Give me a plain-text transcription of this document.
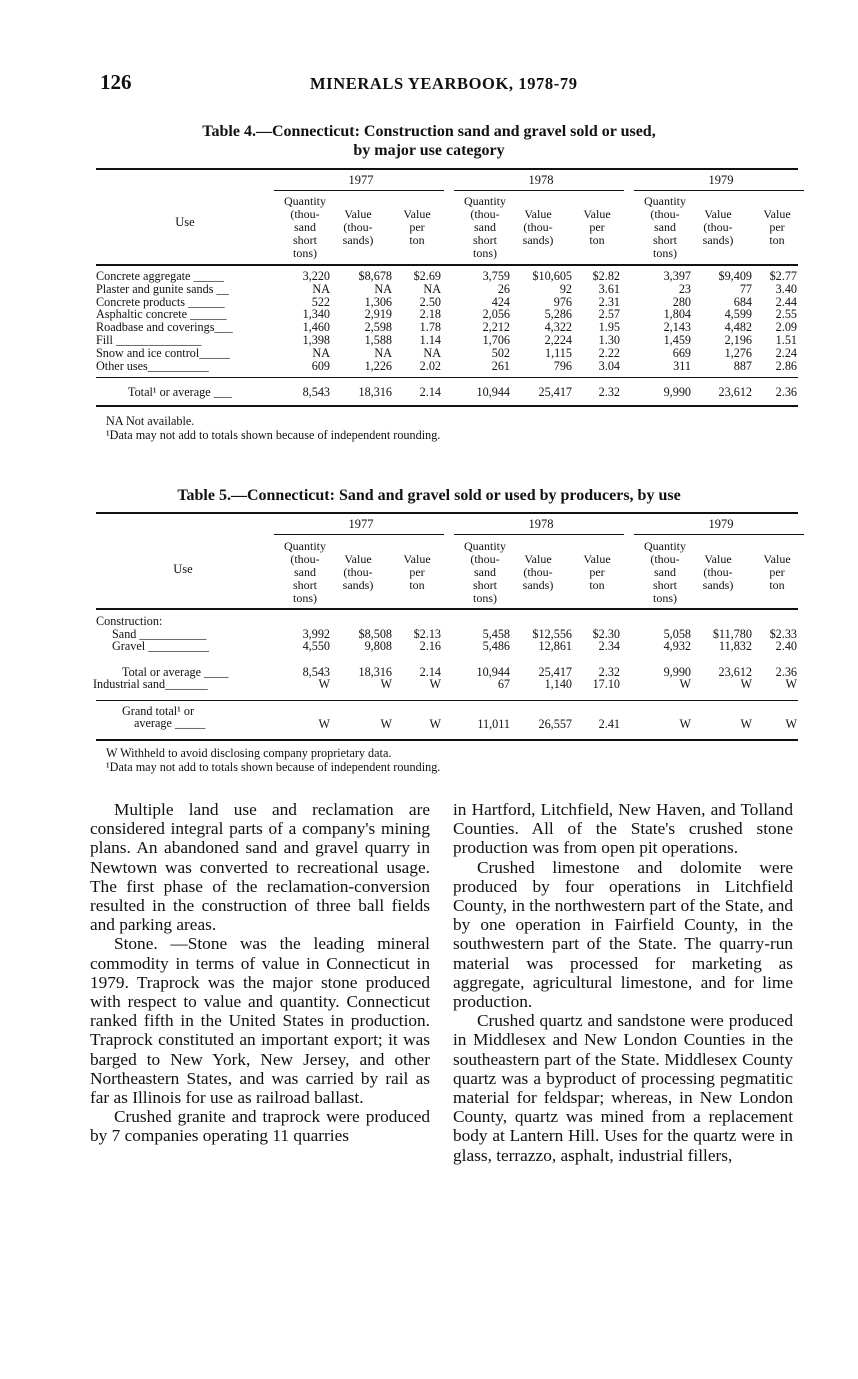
126	MINERALS YEARBOOK, 1978-79
Table 4.—Connecticut: Construction sand and gravel sold or used,
by major use category
1977	1978	1979
Use
Quantity
(thou-
sand
short
tons)
Value
(thou-
sands)
Value
per
ton
Quantity
(thou-
sand
short
tons)
Value
(thou-
sands)
Value
per
ton
Quantity
(thou-
sand
short
tons)
Value
(thou-
sands)
Value
per
ton
Concrete aggregate _____	3,220	$8,678	$2.69	3,759	$10,605	$2.82	3,397	$9,409	$2.77
Plaster and gunite sands __	NA	NA	NA	26	92	3.61	23	77	3.40
Concrete products ______	522	1,306	2.50	424	976	2.31	280	684	2.44
Asphaltic concrete ______	1,340	2,919	2.18	2,056	5,286	2.57	1,804	4,599	2.55
Roadbase and coverings___	1,460	2,598	1.78	2,212	4,322	1.95	2,143	4,482	2.09
Fill ______________	1,398	1,588	1.14	1,706	2,224	1.30	1,459	2,196	1.51
Snow and ice control_____	NA	NA	NA	502	1,115	2.22	669	1,276	2.24
Other uses__________	609	1,226	2.02	261	796	3.04	311	887	2.86
Total¹ or average ___	8,543	18,316	2.14	10,944	25,417	2.32	9,990	23,612	2.36
NA Not available.
¹Data may not add to totals shown because of independent rounding.
Table 5.—Connecticut: Sand and gravel sold or used by producers, by use
1977	1978	1979
Use
Quantity
(thou-
sand
short
tons)
Value
(thou-
sands)
Value
per
ton
Quantity
(thou-
sand
short
tons)
Value
(thou-
sands)
Value
per
ton
Quantity
(thou-
sand
short
tons)
Value
(thou-
sands)
Value
per
ton
Construction:
Sand ___________	3,992	$8,508	$2.13	5,458	$12,556	$2.30	5,058	$11,780	$2.33
Gravel __________	4,550	9,808	2.16	5,486	12,861	2.34	4,932	11,832	2.40
Total or average ____	8,543	18,316	2.14	10,944	25,417	2.32	9,990	23,612	2.36
Industrial sand_______	W	W	W	67	1,140	17.10	W	W	W
Grand total¹ or
average _____	W	W	W	11,011	26,557	2.41	W	W	W
W Withheld to avoid disclosing company proprietary data.
¹Data may not add to totals shown because of independent rounding.

Multiple land use and reclamation are considered integral parts of a company's mining plans. An abandoned sand and gravel quarry in Newtown was converted to recreational usage. The first phase of the reclamation-conversion resulted in the construction of three ball fields and parking areas.

Stone. —Stone was the leading mineral commodity in terms of value in Connecticut in 1979. Traprock was the major stone produced with respect to value and quantity. Connecticut ranked fifth in the United States in production. Traprock constituted an important export; it was barged to New York, New Jersey, and other Northeastern States, and was carried by rail as far as Illinois for use as railroad ballast.

Crushed granite and traprock were produced by 7 companies operating 11 quarries

in Hartford, Litchfield, New Haven, and Tolland Counties. All of the State's crushed stone production was from open pit operations.

Crushed limestone and dolomite were produced by four operations in Litchfield County, in the northwestern part of the State, and by one operation in Fairfield County, in the southwestern part of the State. The quarry-run material was processed for marketing as aggregate, agricultural limestone, and for lime production.

Crushed quartz and sandstone were produced in Middlesex and New London Counties in the southeastern part of the State. Middlesex County quartz was a byproduct of processing pegmatitic material for feldspar; whereas, in New London County, quartz was mined from a replacement body at Lantern Hill. Uses for the quartz were in glass, terrazzo, asphalt, industrial fillers,
